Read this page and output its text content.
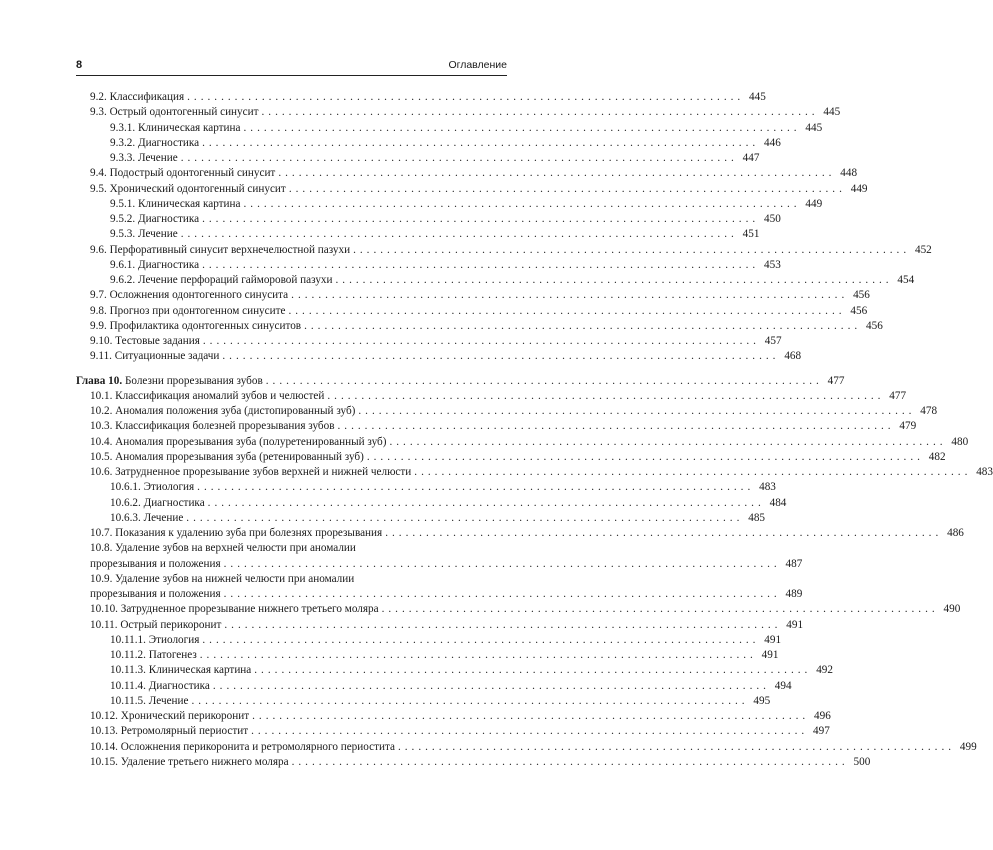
8	Оглавление
9.2. Классификация . . .	445
9.3. Острый одонтогенный синусит . . .	445
9.3.1. Клиническая картина . . .	445
9.3.2. Диагностика . . .	446
9.3.3. Лечение . . .	447
9.4. Подострый одонтогенный синусит . . .	448
9.5. Хронический одонтогенный синусит . . .	449
9.5.1. Клиническая картина . . .	449
9.5.2. Диагностика . . .	450
9.5.3. Лечение . . .	451
9.6. Перфоративный синусит верхнечелюстной пазухи . . .	452
9.6.1. Диагностика . . .	453
9.6.2. Лечение перфораций гайморовой пазухи . . .	454
9.7. Осложнения одонтогенного синусита . . .	456
9.8. Прогноз при одонтогенном синусите . . .	456
9.9. Профилактика одонтогенных синуситов . . .	456
9.10. Тестовые задания . . .	457
9.11. Ситуационные задачи . . .	468
Глава 10. Болезни прорезывания зубов . . .	477
10.1. Классификация аномалий зубов и челюстей . . .	477
10.2. Аномалия положения зуба (дистопированный зуб) . . .	478
10.3. Классификация болезней прорезывания зубов . . .	479
10.4. Аномалия прорезывания зуба (полуретенированный зуб) . . .	480
10.5. Аномалия прорезывания зуба (ретенированный зуб) . . .	482
10.6. Затрудненное прорезывание зубов верхней и нижней челюсти . . .	483
10.6.1. Этиология . . .	483
10.6.2. Диагностика . . .	484
10.6.3. Лечение . . .	485
10.7. Показания к удалению зуба при болезнях прорезывания . . .	486
10.8. Удаление зубов на верхней челюсти при аномалии
прорезывания и положения . . .	487
10.9. Удаление зубов на нижней челюсти при аномалии
прорезывания и положения . . .	489
10.10. Затрудненное прорезывание нижнего третьего моляра . . .	490
10.11. Острый перикоронит . . .	491
10.11.1. Этиология . . .	491
10.11.2. Патогенез . . .	491
10.11.3. Клиническая картина . . .	492
10.11.4. Диагностика . . .	494
10.11.5. Лечение . . .	495
10.12. Хронический перикоронит . . .	496
10.13. Ретромолярный периостит . . .	497
10.14. Осложнения перикоронита и ретромолярного периостита . . .	499
10.15. Удаление третьего нижнего моляра . . .	500
